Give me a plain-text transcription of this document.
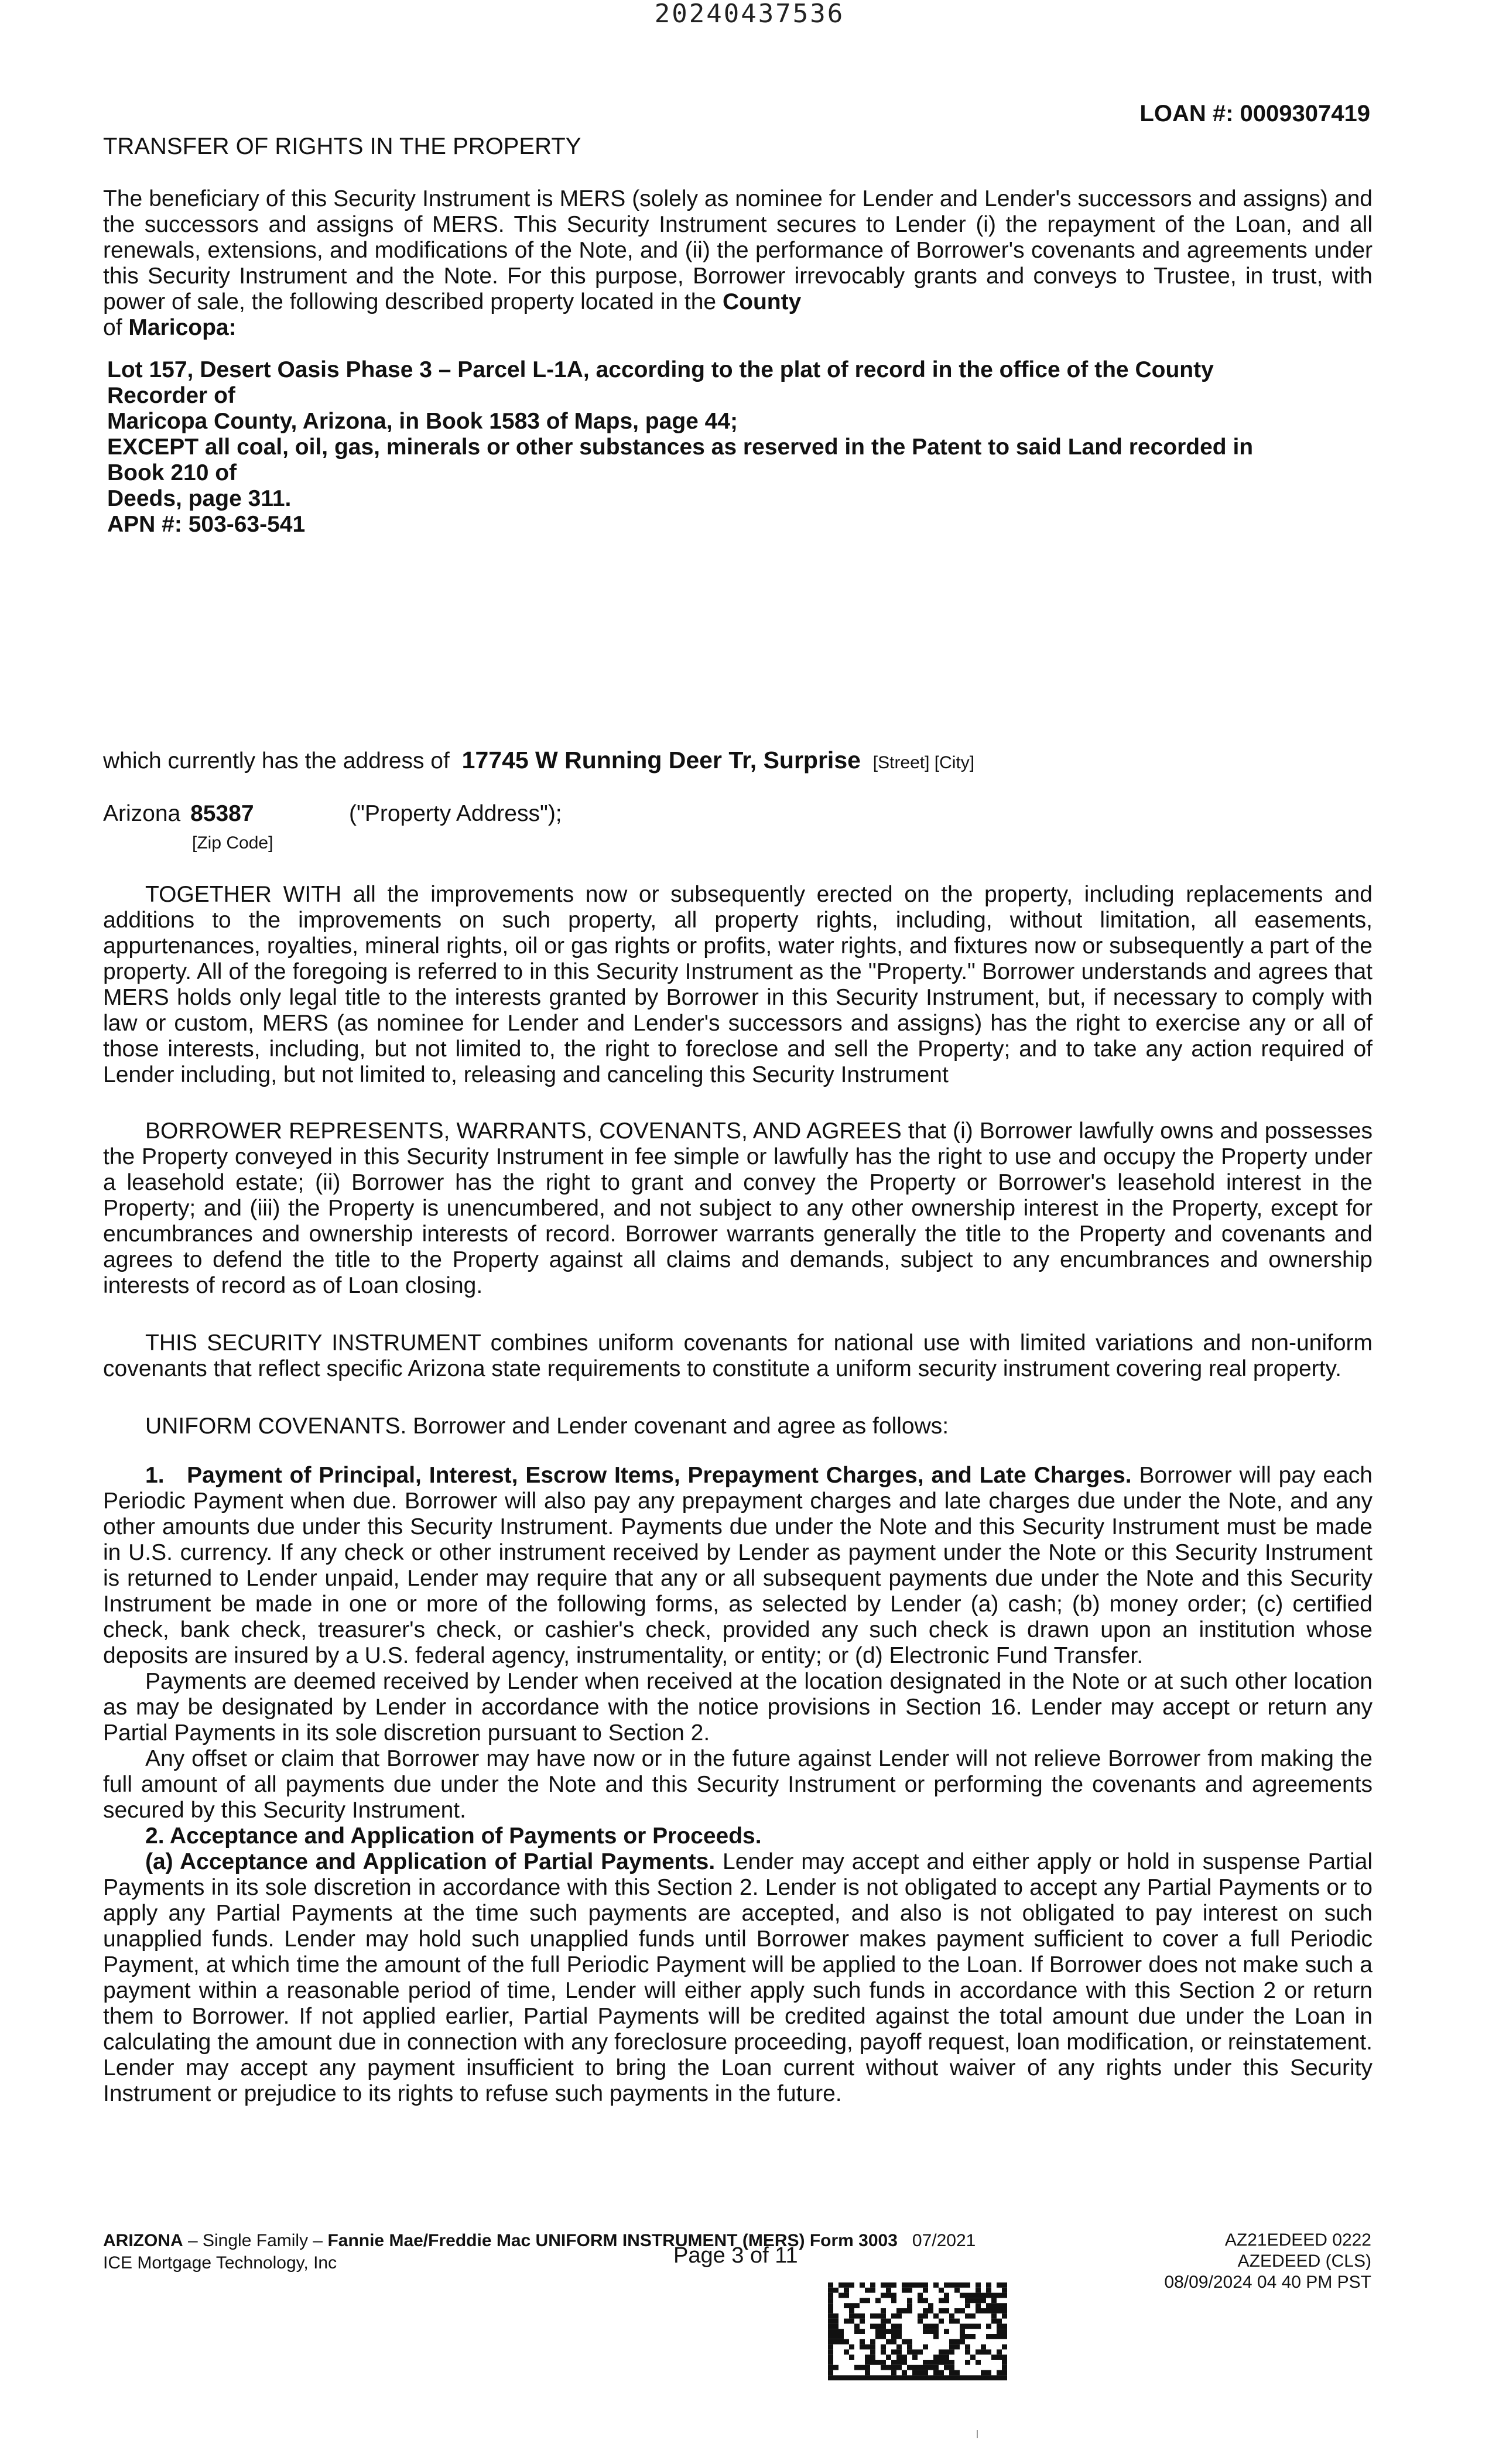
20240437536
LOAN #: 0009307419
TRANSFER OF RIGHTS IN THE PROPERTY

The beneficiary of this Security Instrument is MERS (solely as nominee for Lender and Lender's successors and assigns) and the successors and assigns of MERS. This Security Instrument secures to Lender (i) the repayment of the Loan, and all renewals, extensions, and modifications of the Note, and (ii) the performance of Borrower's covenants and agreements under this Security Instrument and the Note. For this purpose, Borrower irrevocably grants and conveys to Trustee, in trust, with power of sale, the following described property located in the County

of Maricopa:

Lot 157, Desert Oasis Phase 3 – Parcel L-1A, according to the plat of record in the office of the County
Recorder of
Maricopa County, Arizona, in Book 1583 of Maps, page 44;
EXCEPT all coal, oil, gas, minerals or other substances as reserved in the Patent to said Land recorded in
Book 210 of
Deeds, page 311.
APN #: 503-63-541
which currently has the address of 17745 W Running Deer Tr, Surprise [Street] [City]
Arizona 85387	("Property Address");
[Zip Code]

TOGETHER WITH all the improvements now or subsequently erected on the property, including replacements and additions to the improvements on such property, all property rights, including, without limitation, all easements, appurtenances, royalties, mineral rights, oil or gas rights or profits, water rights, and fixtures now or subsequently a part of the property. All of the foregoing is referred to in this Security Instrument as the "Property." Borrower understands and agrees that MERS holds only legal title to the interests granted by Borrower in this Security Instrument, but, if necessary to comply with law or custom, MERS (as nominee for Lender and Lender's successors and assigns) has the right to exercise any or all of those interests, including, but not limited to, the right to foreclose and sell the Property; and to take any action required of Lender including, but not limited to, releasing and canceling this Security Instrument

BORROWER REPRESENTS, WARRANTS, COVENANTS, AND AGREES that (i) Borrower lawfully owns and possesses the Property conveyed in this Security Instrument in fee simple or lawfully has the right to use and occupy the Property under a leasehold estate; (ii) Borrower has the right to grant and convey the Property or Borrower's leasehold interest in the Property; and (iii) the Property is unencumbered, and not subject to any other ownership interest in the Property, except for encumbrances and ownership interests of record. Borrower warrants generally the title to the Property and covenants and agrees to defend the title to the Property against all claims and demands, subject to any encumbrances and ownership interests of record as of Loan closing.

THIS SECURITY INSTRUMENT combines uniform covenants for national use with limited variations and non-uniform covenants that reflect specific Arizona state requirements to constitute a uniform security instrument covering real property.

UNIFORM COVENANTS. Borrower and Lender covenant and agree as follows:

1. Payment of Principal, Interest, Escrow Items, Prepayment Charges, and Late Charges. Borrower will pay each Periodic Payment when due. Borrower will also pay any prepayment charges and late charges due under the Note, and any other amounts due under this Security Instrument. Payments due under the Note and this Security Instrument must be made in U.S. currency. If any check or other instrument received by Lender as payment under the Note or this Security Instrument is returned to Lender unpaid, Lender may require that any or all subsequent payments due under the Note and this Security Instrument be made in one or more of the following forms, as selected by Lender (a) cash; (b) money order; (c) certified check, bank check, treasurer's check, or cashier's check, provided any such check is drawn upon an institution whose deposits are insured by a U.S. federal agency, instrumentality, or entity; or (d) Electronic Fund Transfer.

Payments are deemed received by Lender when received at the location designated in the Note or at such other location as may be designated by Lender in accordance with the notice provisions in Section 16. Lender may accept or return any Partial Payments in its sole discretion pursuant to Section 2.

Any offset or claim that Borrower may have now or in the future against Lender will not relieve Borrower from making the full amount of all payments due under the Note and this Security Instrument or performing the covenants and agreements secured by this Security Instrument.

2. Acceptance and Application of Payments or Proceeds.

(a) Acceptance and Application of Partial Payments. Lender may accept and either apply or hold in suspense Partial Payments in its sole discretion in accordance with this Section 2. Lender is not obligated to accept any Partial Payments or to apply any Partial Payments at the time such payments are accepted, and also is not obligated to pay interest on such unapplied funds. Lender may hold such unapplied funds until Borrower makes payment sufficient to cover a full Periodic Payment, at which time the amount of the full Periodic Payment will be applied to the Loan. If Borrower does not make such a payment within a reasonable period of time, Lender will either apply such funds in accordance with this Section 2 or return them to Borrower. If not applied earlier, Partial Payments will be credited against the total amount due under the Loan in calculating the amount due in connection with any foreclosure proceeding, payoff request, loan modification, or reinstatement. Lender may accept any payment insufficient to bring the Loan current without waiver of any rights under this Security Instrument or prejudice to its rights to refuse such payments in the future.

ARIZONA – Single Family – Fannie Mae/Freddie Mac UNIFORM INSTRUMENT (MERS) Form 3003 07/2021
ICE Mortgage Technology, Inc	Page 3 of 11
AZ21EDEED 0222
AZEDEED (CLS)
08/09/2024 04 40 PM PST
